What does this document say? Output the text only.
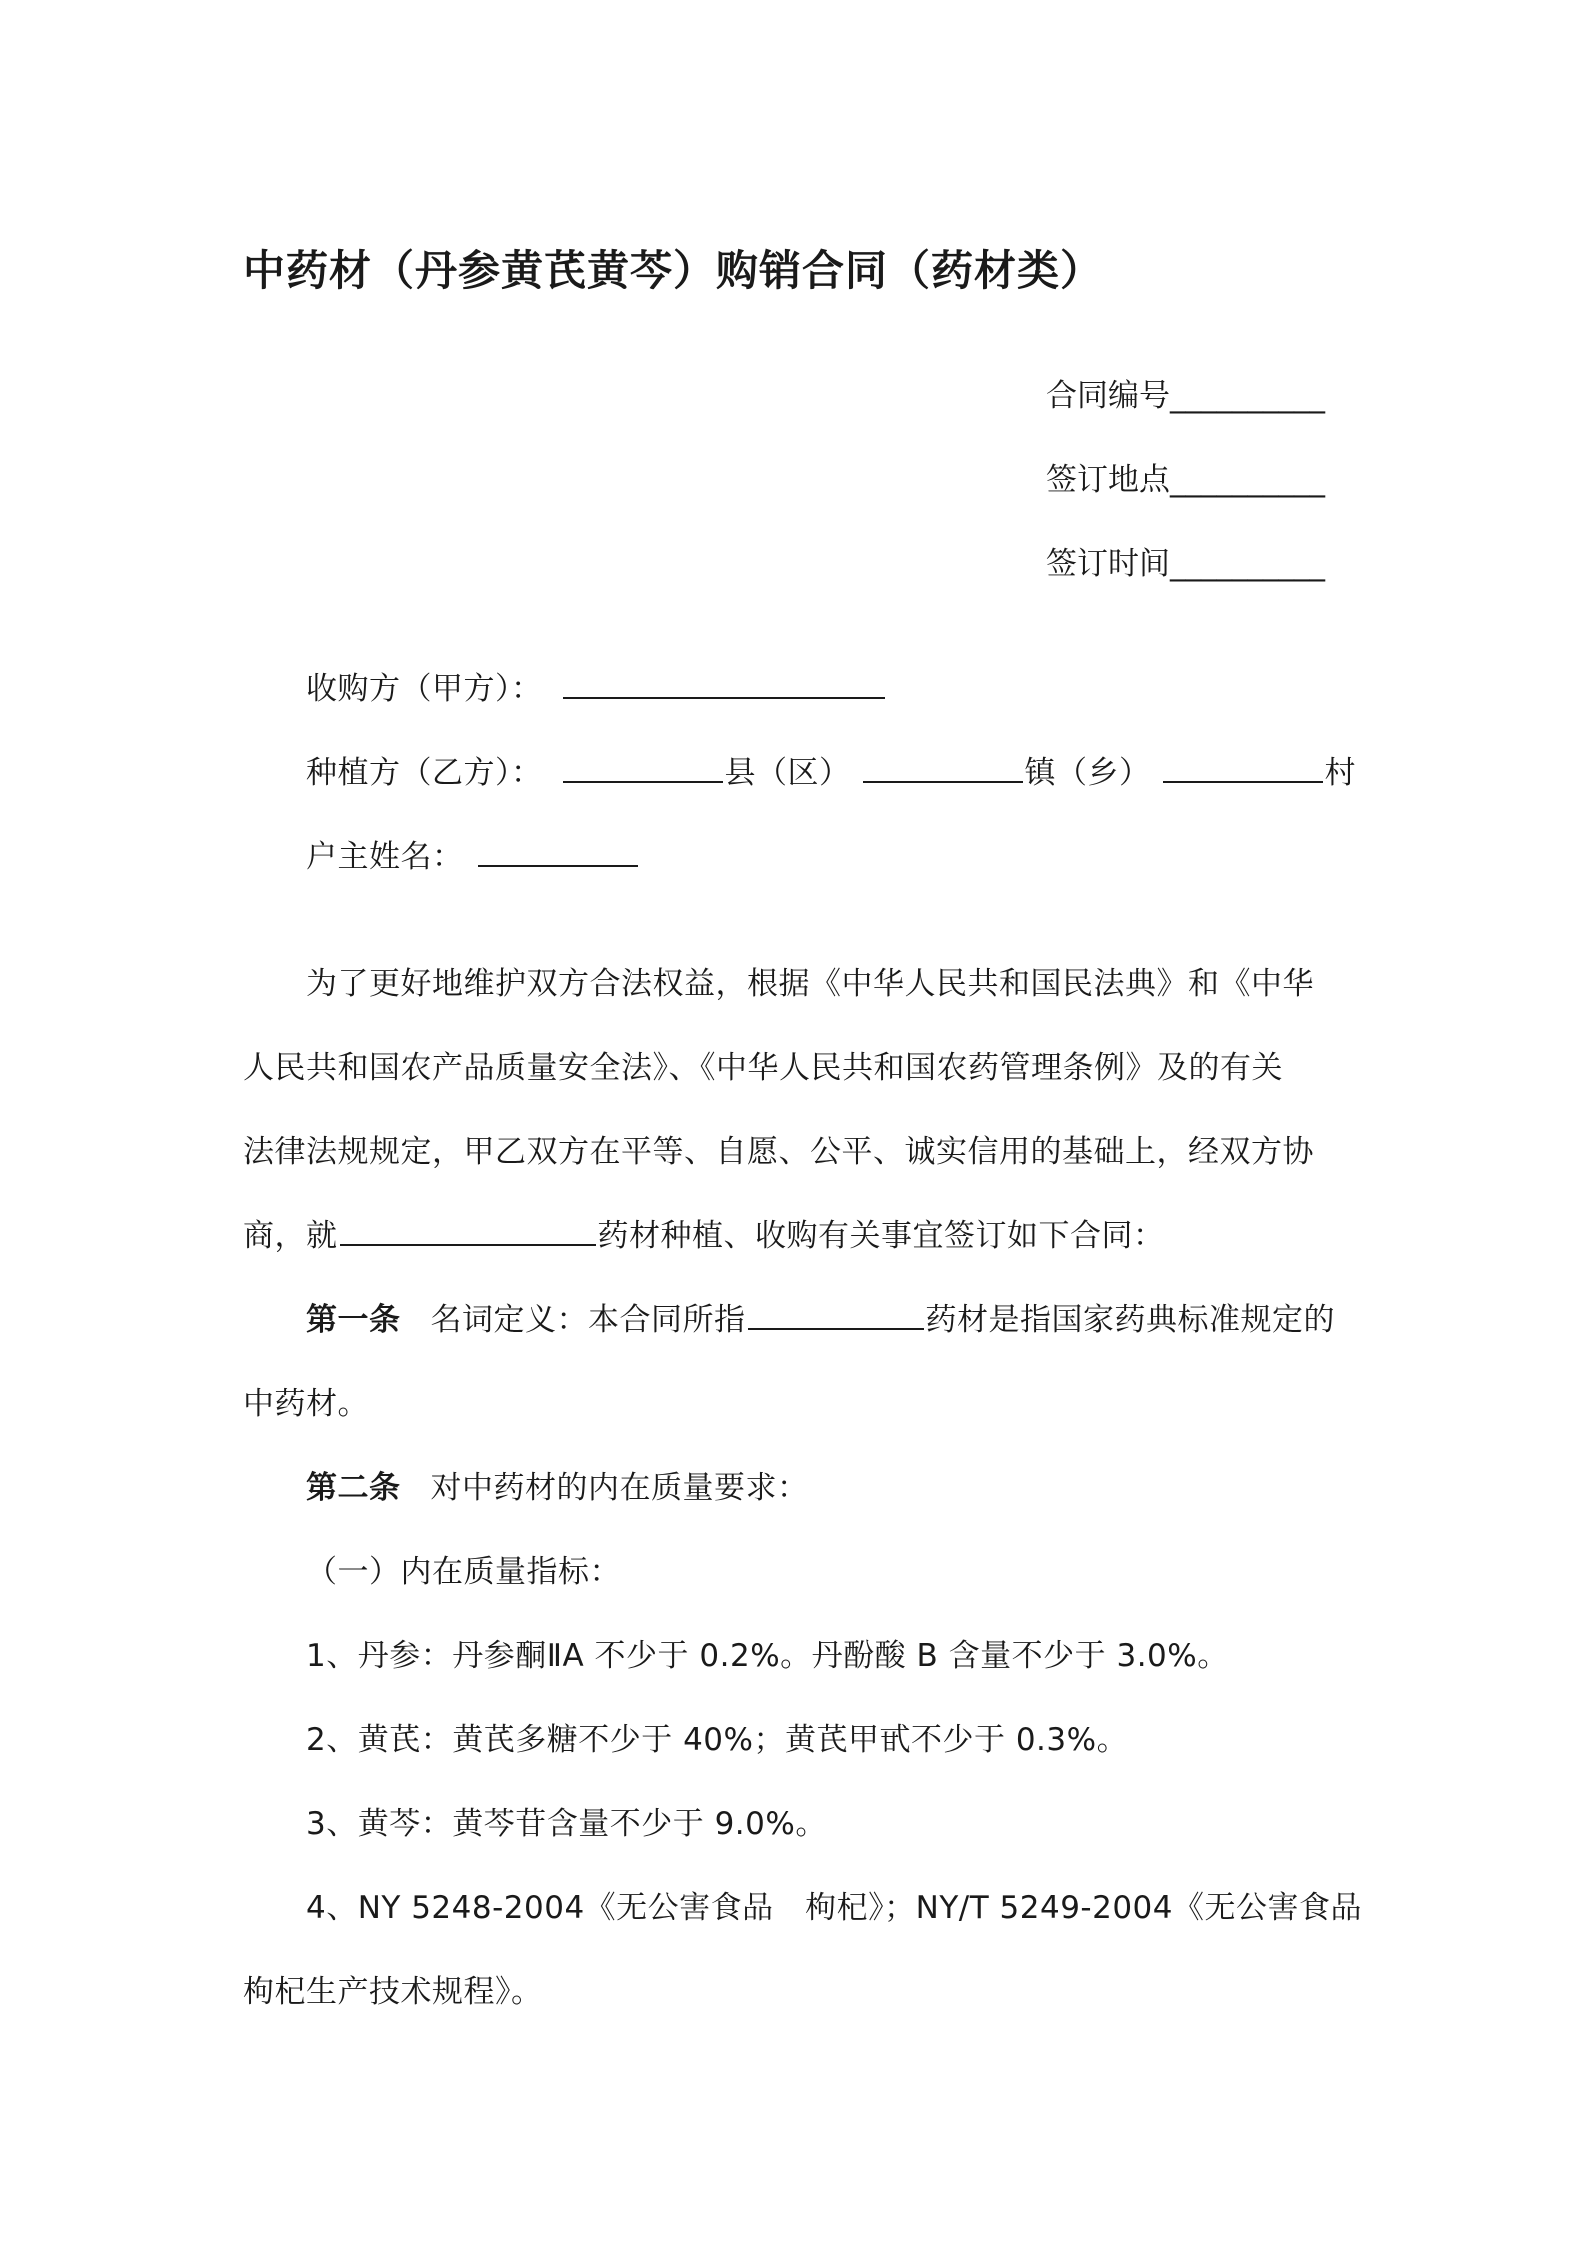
中药材（丹参黄芪黄芩）购销合同（药材类）
合同编号__________
签订地点__________
签订时间__________
收购方（甲方）：
种植方（乙方）：	县（区）	镇（乡）	村
户主姓名：
为了更好地维护双方合法权益，根据《中华人民共和国民法典》和《中华
人民共和国农产品质量安全法》、《中华人民共和国农药管理条例》及的有关
法律法规规定，甲乙双方在平等、自愿、公平、诚实信用的基础上，经双方协
商，就	药材种植、收购有关事宜签订如下合同：
第一条 名词定义：本合同所指	药材是指国家药典标准规定的
中药材。
第二条 对中药材的内在质量要求：
（一）内在质量指标：
1、丹参：丹参酮ⅡA 不少于 0.2%。丹酚酸 B 含量不少于 3.0%。
2、黄芪：黄芪多糖不少于 40%；黄芪甲甙不少于 0.3%。
3、黄芩：黄芩苷含量不少于 9.0%。
4、NY 5248-2004《无公害食品　枸杞》；NY/T 5249-2004《无公害食品
枸杞生产技术规程》。
